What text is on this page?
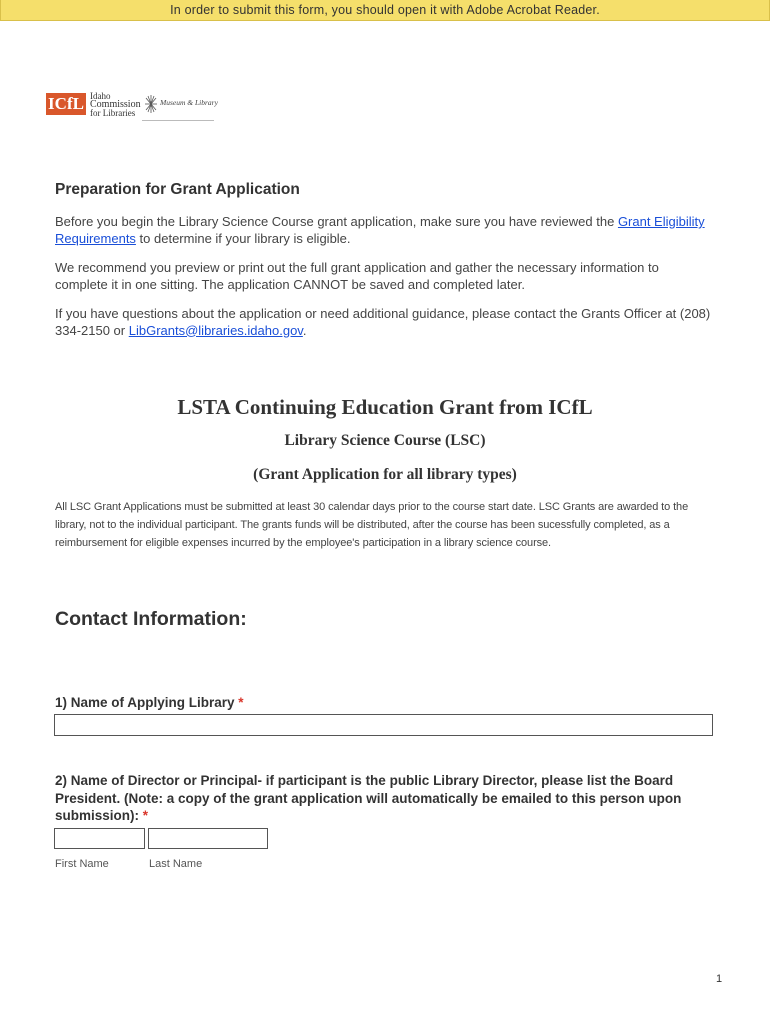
In order to submit this form, you should open it with Adobe Acrobat Reader.
ICfL Idaho
Commission
for Libraries
Museum & Library
Preparation for Grant Application

Before you begin the Library Science Course grant application, make sure you have reviewed the Grant Eligibility Requirements to determine if your library is eligible.

We recommend you preview or print out the full grant application and gather the necessary information to complete it in one sitting. The application CANNOT be saved and completed later.

If you have questions about the application or need additional guidance, please contact the Grants Officer at (208) 334-2150 or LibGrants@libraries.idaho.gov.

LSTA Continuing Education Grant from ICfL
Library Science Course (LSC)
(Grant Application for all library types)

All LSC Grant Applications must be submitted at least 30 calendar days prior to the course start date. LSC Grants are awarded to the library, not to the individual participant. The grants funds will be distributed, after the course has been sucessfully completed, as a reimbursement for eligible expenses incurred by the employee's participation in a library science course.

Contact Information:
1) Name of Applying Library *
2) Name of Director or Principal- if participant is the public Library Director, please list the Board President. (Note: a copy of the grant application will automatically be emailed to this person upon submission): *
First Name	Last Name
1
